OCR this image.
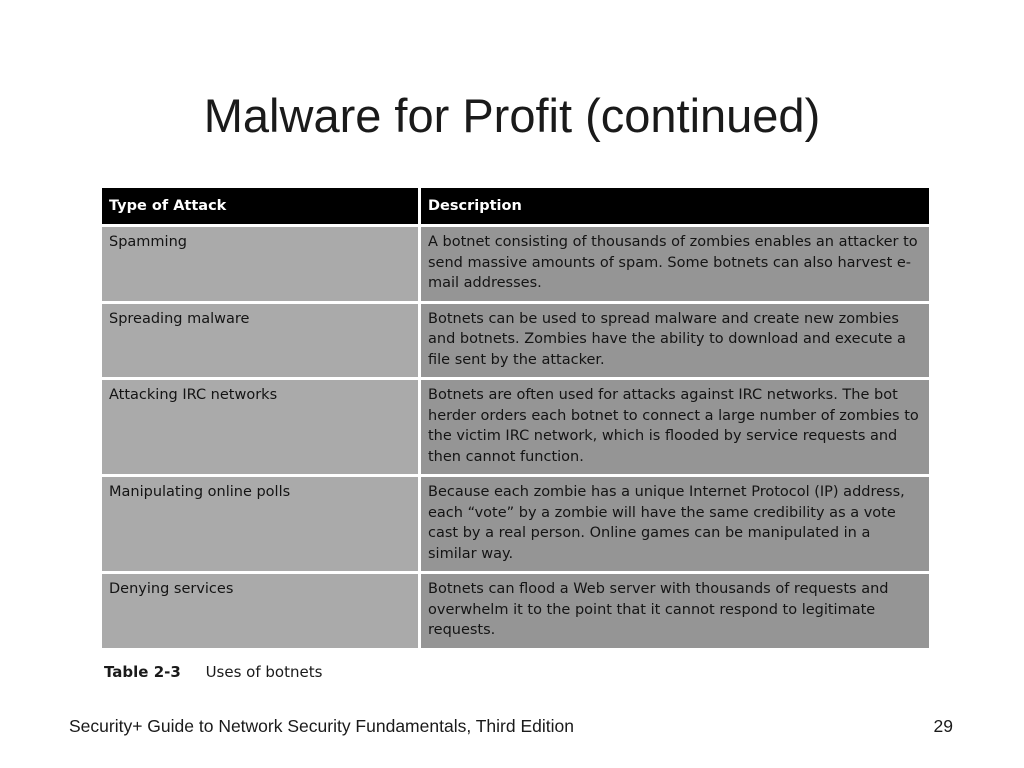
Malware for Profit (continued)
Type of Attack	Description
Spamming	A botnet consisting of thousands of zombies enables an attacker to send massive amounts of spam. Some botnets can also harvest e-mail addresses.
Spreading malware	Botnets can be used to spread malware and create new zombies and botnets. Zombies have the ability to download and execute a file sent by the attacker.
Attacking IRC networks	Botnets are often used for attacks against IRC networks. The bot herder orders each botnet to connect a large number of zombies to the victim IRC network, which is flooded by service requests and then cannot function.
Manipulating online polls	Because each zombie has a unique Internet Protocol (IP) address, each “vote” by a zombie will have the same credibility as a vote cast by a real person. Online games can be manipulated in a similar way.
Denying services	Botnets can flood a Web server with thousands of requests and overwhelm it to the point that it cannot respond to legitimate requests.
Table 2-3 Uses of botnets
Security+ Guide to Network Security Fundamentals, Third Edition	29
